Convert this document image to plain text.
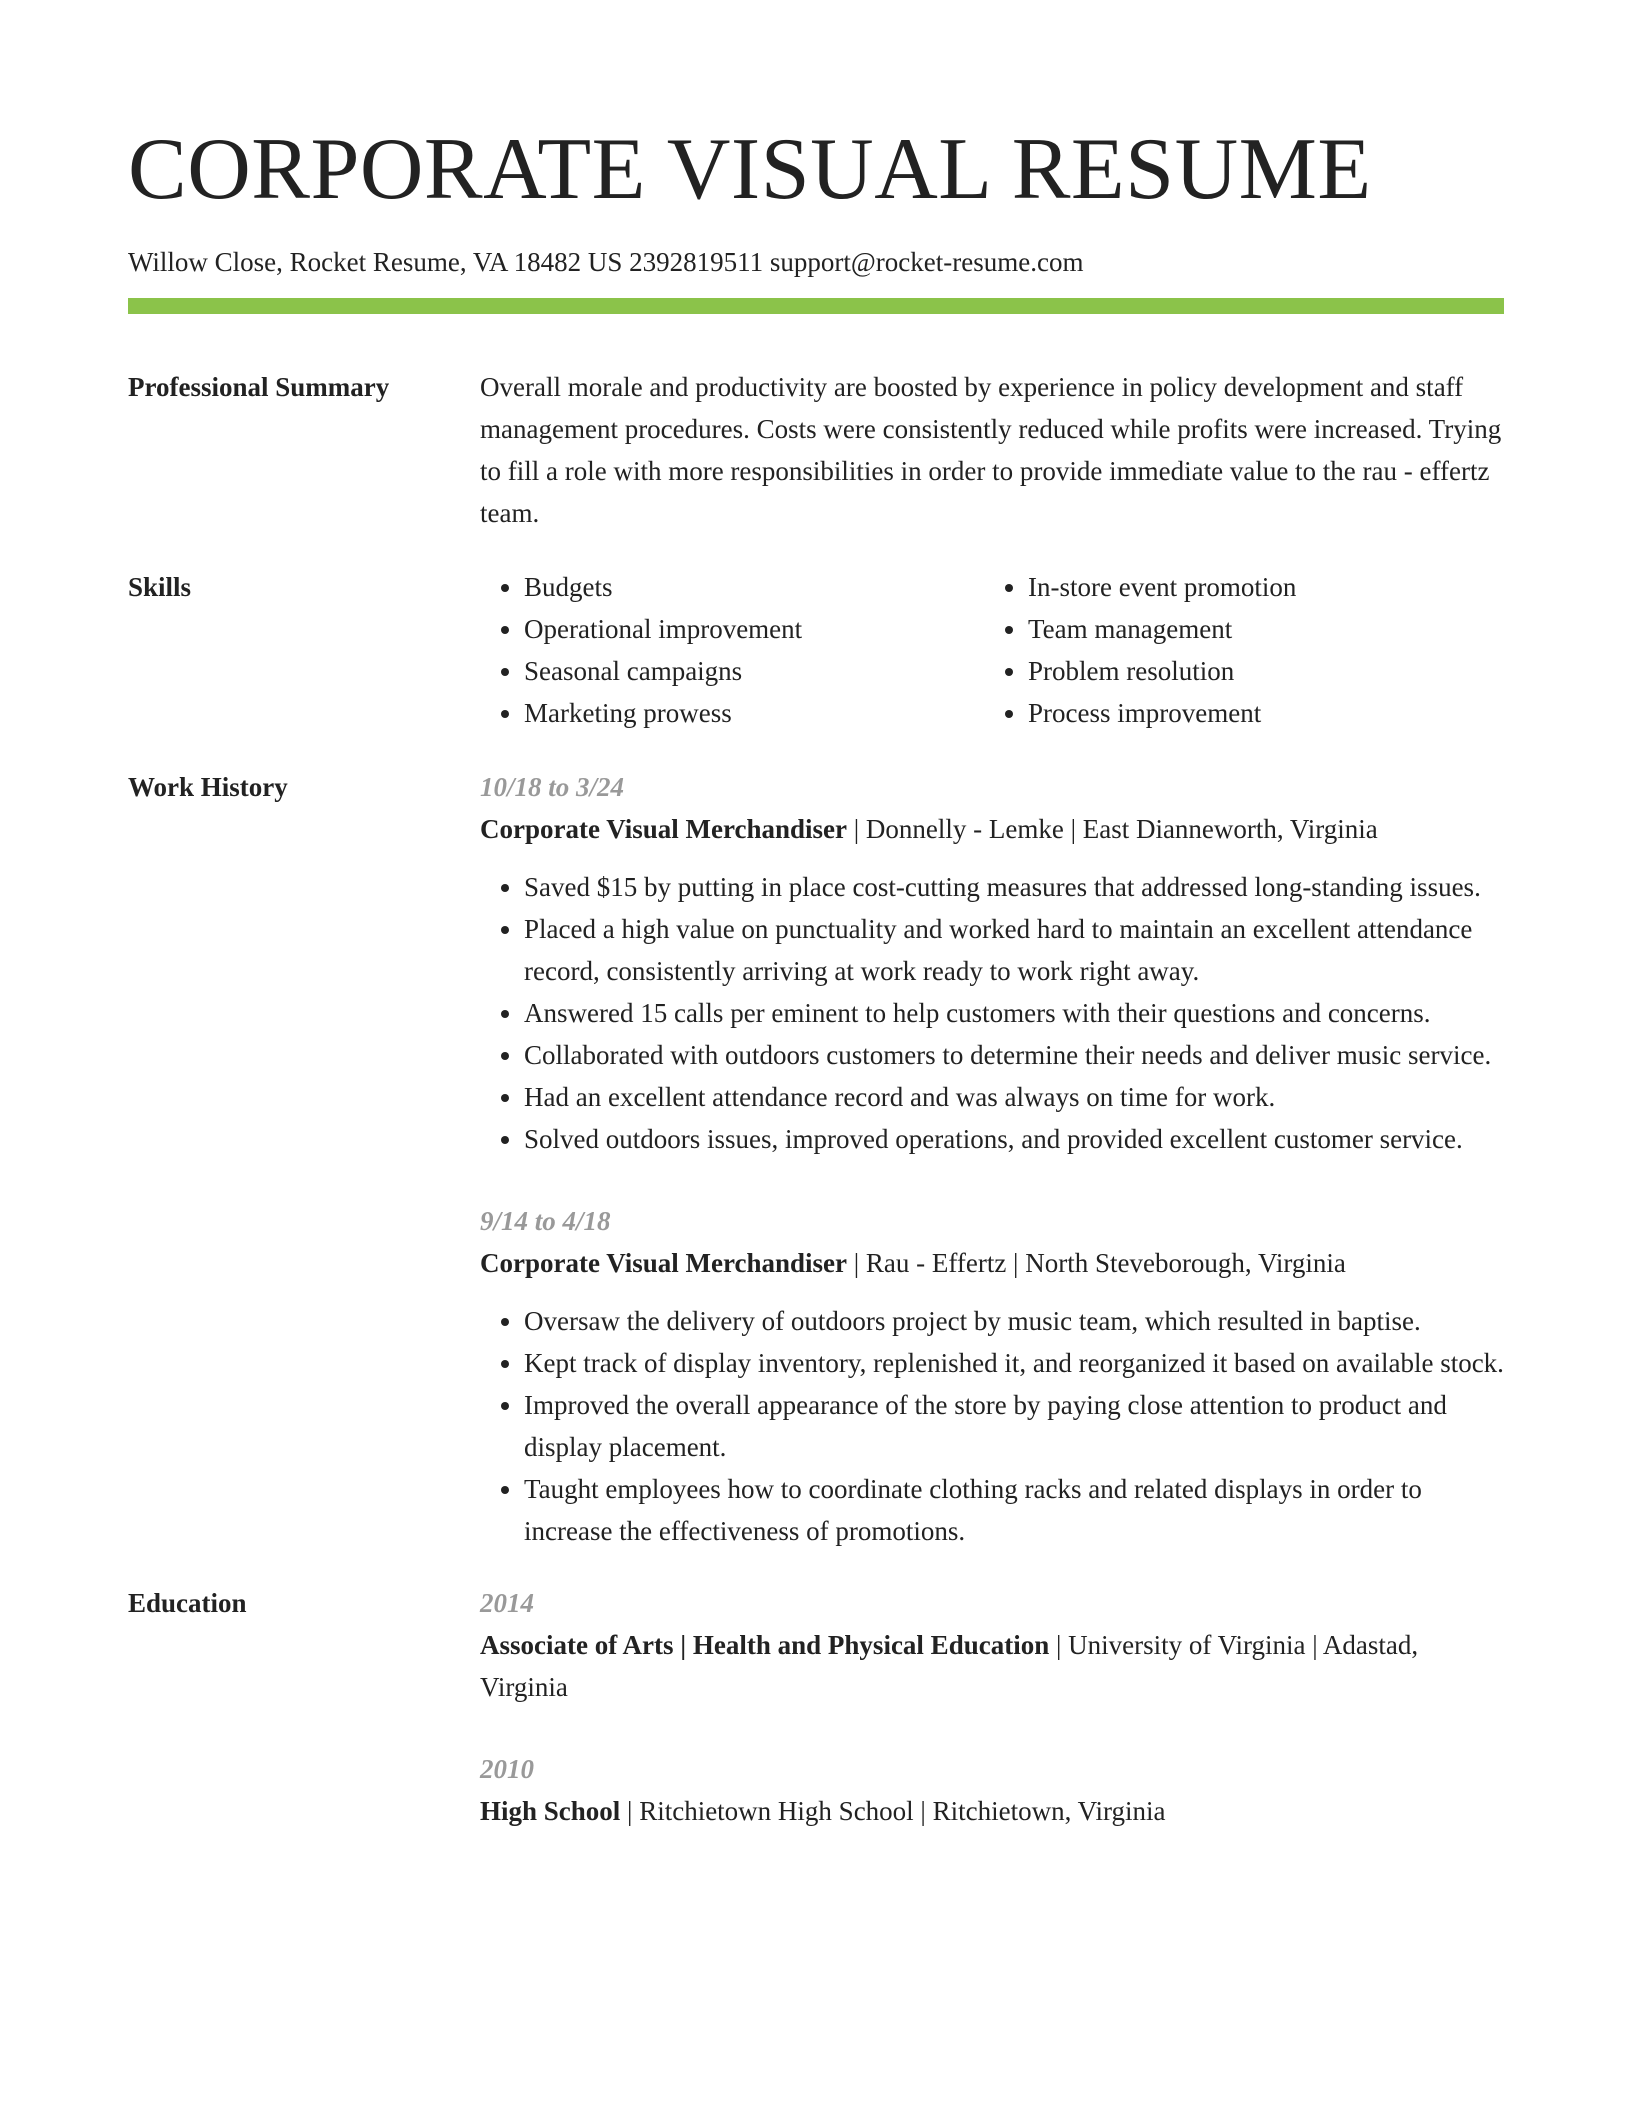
CORPORATE VISUAL RESUME
Willow Close, Rocket Resume, VA 18482 US 2392819511 support@rocket-resume.com
Professional Summary	Overall morale and productivity are boosted by experience in policy development and staff management procedures. Costs were consistently reduced while profits were increased. Trying to fill a role with more responsibilities in order to provide immediate value to the rau - effertz team.

Skills
•	Budgets
• Operational improvement
• Seasonal campaigns
• Marketing prowess
• In-store event promotion
• Team management
• Problem resolution
• Process improvement
Work History	10/18 to 3/24
Corporate Visual Merchandiser | Donnelly - Lemke | East Dianneworth, Virginia
• Saved $15 by putting in place cost-cutting measures that addressed long-standing issues.
• Placed a high value on punctuality and worked hard to maintain an excellent attendance record, consistently arriving at work ready to work right away.
• Answered 15 calls per eminent to help customers with their questions and concerns.
• Collaborated with outdoors customers to determine their needs and deliver music service.
• Had an excellent attendance record and was always on time for work.
• Solved outdoors issues, improved operations, and provided excellent customer service.
9/14 to 4/18
Corporate Visual Merchandiser | Rau - Effertz | North Steveborough, Virginia
• Oversaw the delivery of outdoors project by music team, which resulted in baptise.
• Kept track of display inventory, replenished it, and reorganized it based on available stock.
• Improved the overall appearance of the store by paying close attention to product and display placement.
• Taught employees how to coordinate clothing racks and related displays in order to increase the effectiveness of promotions.
Education	2014
Associate of Arts | Health and Physical Education | University of Virginia | Adastad, Virginia
2010
High School | Ritchietown High School | Ritchietown, Virginia
